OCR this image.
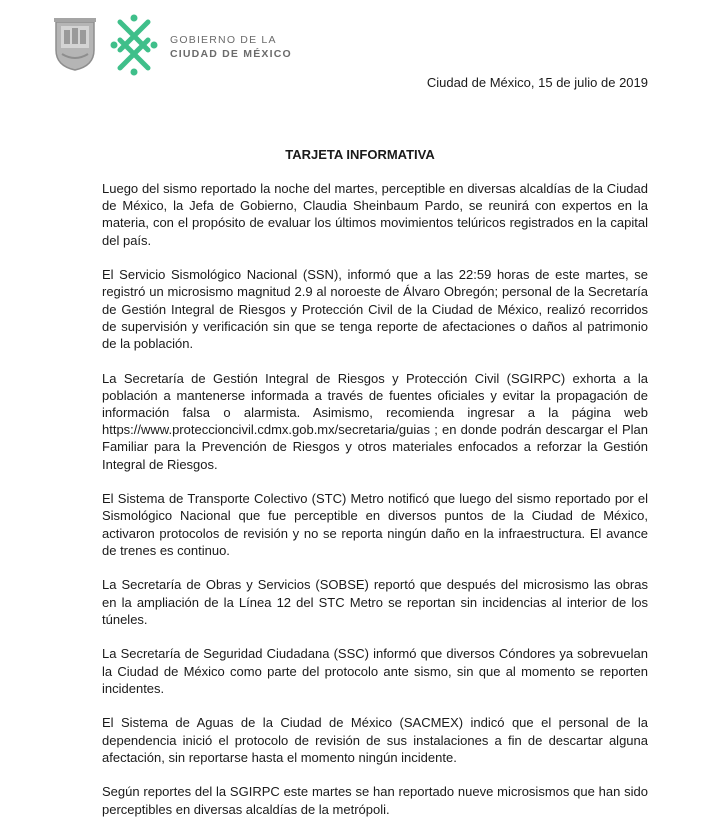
GOBIERNO DE LA
CIUDAD DE MÉXICO
Ciudad de México, 15 de julio de 2019
TARJETA INFORMATIVA

Luego del sismo reportado la noche del martes, perceptible en diversas alcaldías de la Ciudad de México, la Jefa de Gobierno, Claudia Sheinbaum Pardo, se reunirá con expertos en la materia, con el propósito de evaluar los últimos movimientos telúricos registrados en la capital del país.

El Servicio Sismológico Nacional (SSN), informó que a las 22:59 horas de este martes, se registró un microsismo magnitud 2.9 al noroeste de Álvaro Obregón; personal de la Secretaría de Gestión Integral de Riesgos y Protección Civil de la Ciudad de México, realizó recorridos de supervisión y verificación sin que se tenga reporte de afectaciones o daños al patrimonio de la población.

La Secretaría de Gestión Integral de Riesgos y Protección Civil (SGIRPC) exhorta a la población a mantenerse informada a través de fuentes oficiales y evitar la propagación de información falsa o alarmista. Asimismo, recomienda ingresar a la página web https://www.proteccioncivil.cdmx.gob.mx/secretaria/guias ; en donde podrán descargar el Plan Familiar para la Prevención de Riesgos y otros materiales enfocados a reforzar la Gestión Integral de Riesgos.

El Sistema de Transporte Colectivo (STC) Metro notificó que luego del sismo reportado por el Sismológico Nacional que fue perceptible en diversos puntos de la Ciudad de México, activaron protocolos de revisión y no se reporta ningún daño en la infraestructura. El avance de trenes es continuo.

La Secretaría de Obras y Servicios (SOBSE) reportó que después del microsismo las obras en la ampliación de la Línea 12 del STC Metro se reportan sin incidencias al interior de los túneles.

La Secretaría de Seguridad Ciudadana (SSC) informó que diversos Cóndores ya sobrevuelan la Ciudad de México como parte del protocolo ante sismo, sin que al momento se reporten incidentes.

El Sistema de Aguas de la Ciudad de México (SACMEX) indicó que el personal de la dependencia inició el protocolo de revisión de sus instalaciones a fin de descartar alguna afectación, sin reportarse hasta el momento ningún incidente.

Según reportes del la SGIRPC este martes se han reportado nueve microsismos que han sido perceptibles en diversas alcaldías de la metrópoli.
